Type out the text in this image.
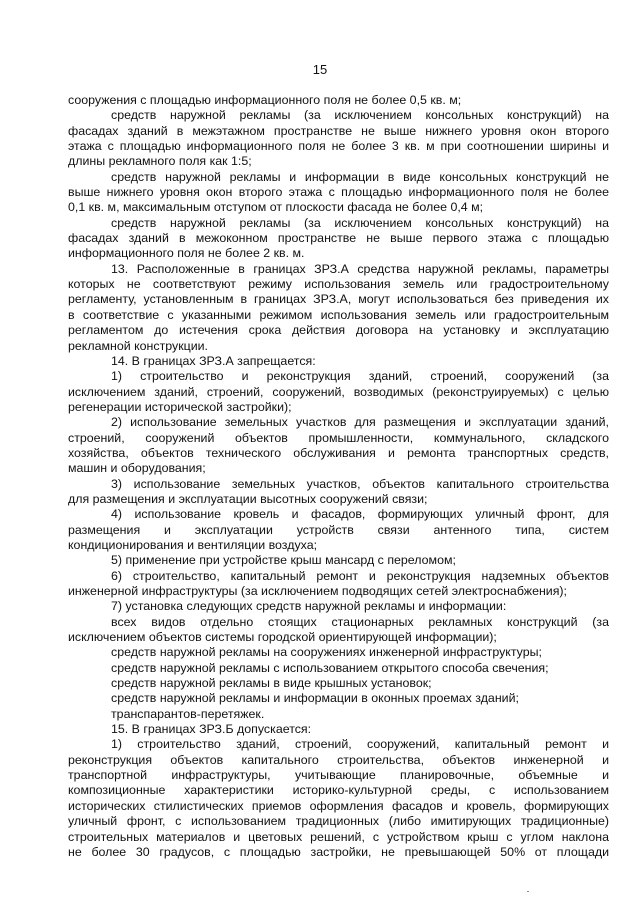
15

сооружения с площадью информационного поля не более 0,5 кв. м;

средств наружной рекламы (за исключением консольных конструкций) на
фасадах зданий в межэтажном пространстве не выше нижнего уровня окон второго
этажа с площадью информационного поля не более 3 кв. м при соотношении ширины и
длины рекламного поля как 1:5;

средств наружной рекламы и информации в виде консольных конструкций не
выше нижнего уровня окон второго этажа с площадью информационного поля не более
0,1 кв. м, максимальным отступом от плоскости фасада не более 0,4 м;

средств наружной рекламы (за исключением консольных конструкций) на
фасадах зданий в межоконном пространстве не выше первого этажа с площадью
информационного поля не более 2 кв. м.

13. Расположенные в границах ЗРЗ.А средства наружной рекламы, параметры
которых не соответствуют режиму использования земель или градостроительному
регламенту, установленным в границах ЗРЗ.А, могут использоваться без приведения их
в соответствие с указанными режимом использования земель или градостроительным
регламентом до истечения срока действия договора на установку и эксплуатацию
рекламной конструкции.

14. В границах ЗРЗ.А запрещается:

1) строительство и реконструкция зданий, строений, сооружений (за
исключением зданий, строений, сооружений, возводимых (реконструируемых) с целью
регенерации исторической застройки);

2) использование земельных участков для размещения и эксплуатации зданий,
строений, сооружений объектов промышленности, коммунального, складского
хозяйства, объектов технического обслуживания и ремонта транспортных средств,
машин и оборудования;

3) использование земельных участков, объектов капитального строительства
для размещения и эксплуатации высотных сооружений связи;

4) использование кровель и фасадов, формирующих уличный фронт, для
размещения и эксплуатации устройств связи антенного типа, систем
кондиционирования и вентиляции воздуха;

5) применение при устройстве крыш мансард с переломом;

6) строительство, капитальный ремонт и реконструкция надземных объектов
инженерной инфраструктуры (за исключением подводящих сетей электроснабжения);

7) установка следующих средств наружной рекламы и информации:

всех видов отдельно стоящих стационарных рекламных конструкций (за
исключением объектов системы городской ориентирующей информации);

средств наружной рекламы на сооружениях инженерной инфраструктуры;

средств наружной рекламы с использованием открытого способа свечения;

средств наружной рекламы в виде крышных установок;

средств наружной рекламы и информации в оконных проемах зданий;

транспарантов-перетяжек.

15. В границах ЗРЗ.Б допускается:

1) строительство зданий, строений, сооружений, капитальный ремонт и
реконструкция объектов капитального строительства, объектов инженерной и
транспортной инфраструктуры, учитывающие планировочные, объемные и
композиционные характеристики историко-культурной среды, с использованием
исторических стилистических приемов оформления фасадов и кровель, формирующих
уличный фронт, с использованием традиционных (либо имитирующих традиционные)
строительных материалов и цветовых решений, с устройством крыш с углом наклона
не более 30 градусов, с площадью застройки, не превышающей 50% от площади
